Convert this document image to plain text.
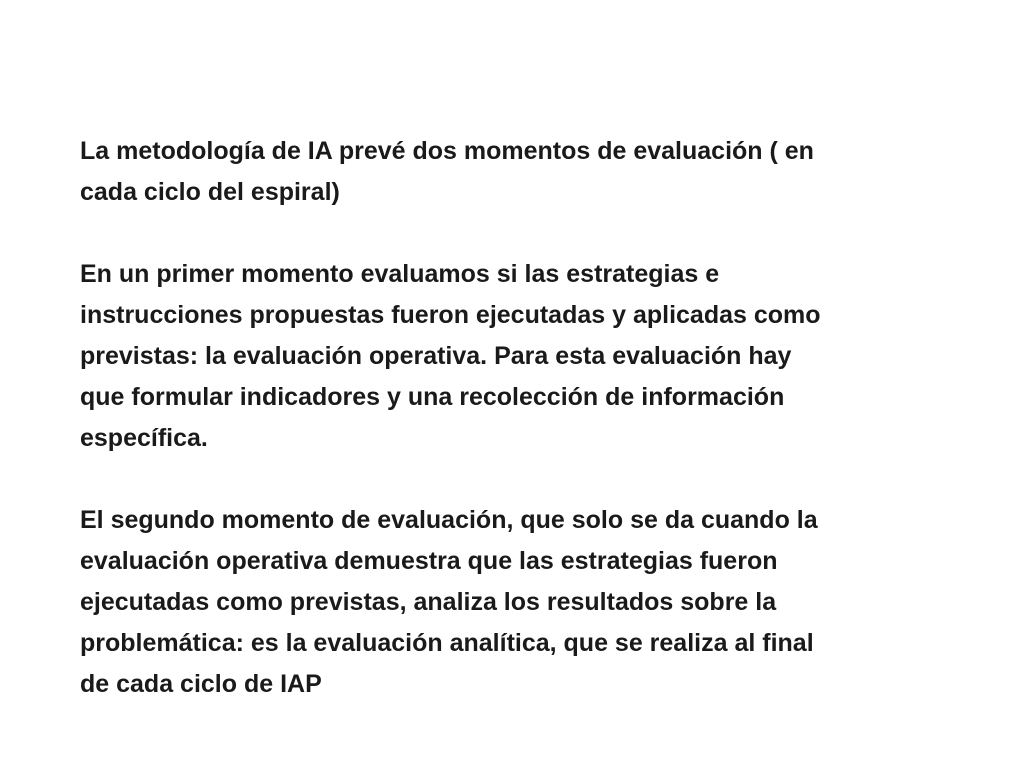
La metodología de IA prevé dos momentos de evaluación ( en
cada ciclo del espiral)
En un primer momento evaluamos si las estrategias e
instrucciones propuestas fueron ejecutadas y aplicadas como
previstas: la evaluación operativa. Para esta evaluación hay
que formular indicadores y una recolección de información
específica.
El segundo momento de evaluación, que solo se da cuando la
evaluación operativa demuestra que las estrategias fueron
ejecutadas como previstas, analiza los resultados sobre la
problemática: es la evaluación analítica, que se realiza al final
de cada ciclo de IAP
